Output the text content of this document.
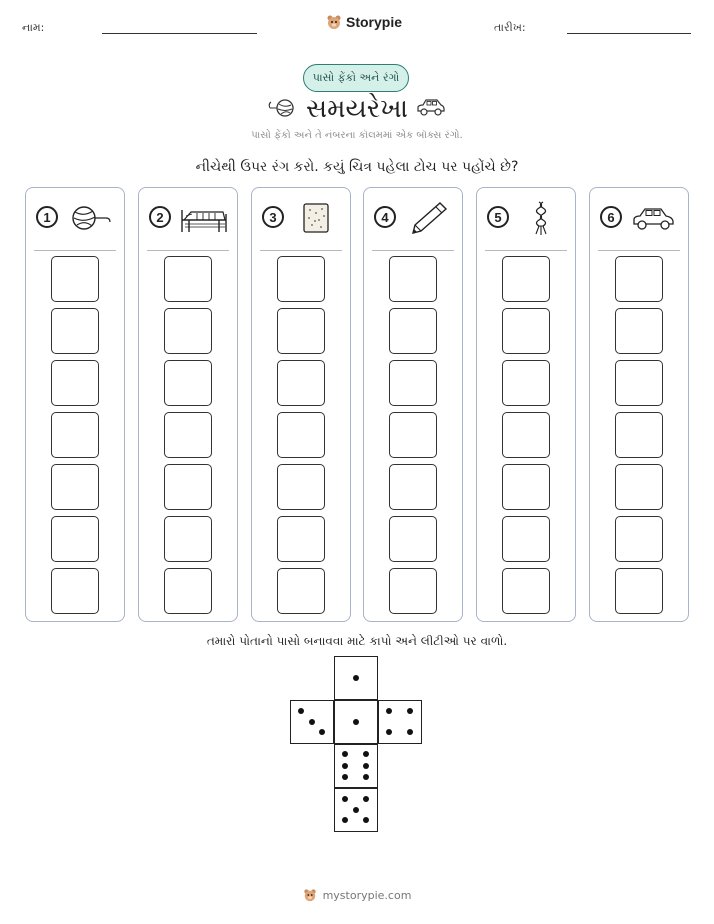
નામ:	Storypie	તારીખ:
પાસો ફેંકો અને રંગો
સમયરેખા
પાસો ફેંકો અને તે નંબરના કૉલમમાં એક બૉક્સ રંગો.
નીચેથી ઉપર રંગ કરો. કયું ચિત્ર પહેલા ટોચ પર પહોંચે છે?
1	2	3	4	5	6
તમારો પોતાનો પાસો બનાવવા માટે કાપો અને લીટીઓ પર વાળો.
mystorypie.com
